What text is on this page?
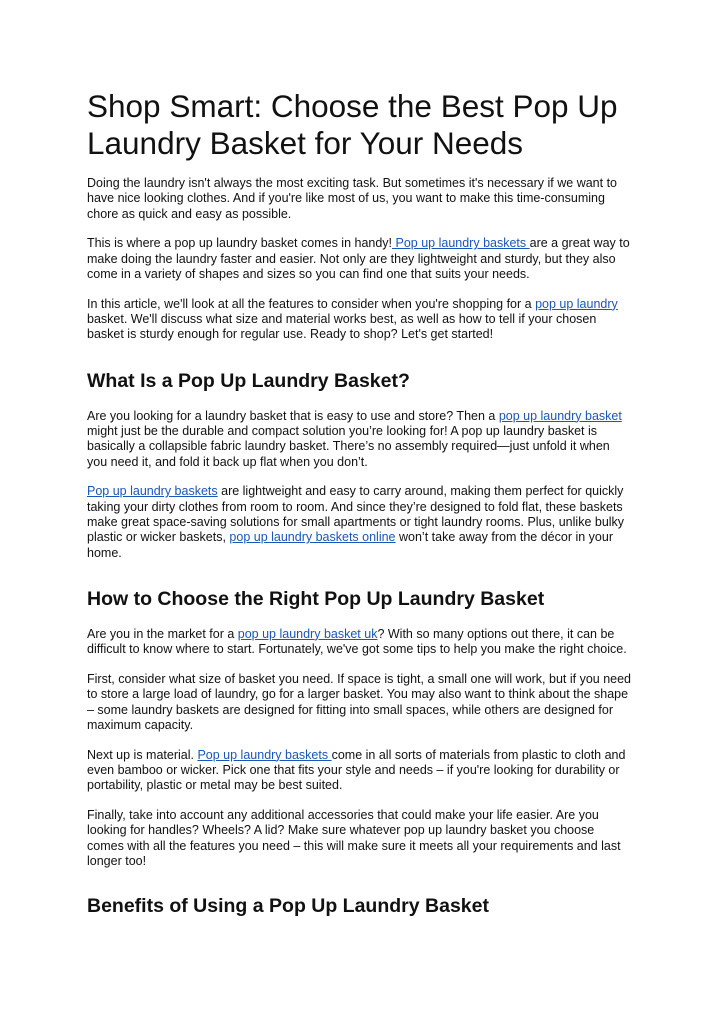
Shop Smart: Choose the Best Pop Up Laundry Basket for Your Needs

Doing the laundry isn't always the most exciting task. But sometimes it's necessary if we want to have nice looking clothes. And if you're like most of us, you want to make this time-consuming chore as quick and easy as possible.

This is where a pop up laundry basket comes in handy! Pop up laundry baskets are a great way to make doing the laundry faster and easier. Not only are they lightweight and sturdy, but they also come in a variety of shapes and sizes so you can find one that suits your needs.

In this article, we'll look at all the features to consider when you're shopping for a pop up laundry basket. We'll discuss what size and material works best, as well as how to tell if your chosen basket is sturdy enough for regular use. Ready to shop? Let's get started!

What Is a Pop Up Laundry Basket?

Are you looking for a laundry basket that is easy to use and store? Then a pop up laundry basket might just be the durable and compact solution you’re looking for! A pop up laundry basket is basically a collapsible fabric laundry basket. There’s no assembly required—just unfold it when you need it, and fold it back up flat when you don’t.

Pop up laundry baskets are lightweight and easy to carry around, making them perfect for quickly taking your dirty clothes from room to room. And since they’re designed to fold flat, these baskets make great space-saving solutions for small apartments or tight laundry rooms. Plus, unlike bulky plastic or wicker baskets, pop up laundry baskets online won’t take away from the décor in your home.

How to Choose the Right Pop Up Laundry Basket

Are you in the market for a pop up laundry basket uk? With so many options out there, it can be difficult to know where to start. Fortunately, we've got some tips to help you make the right choice.

First, consider what size of basket you need. If space is tight, a small one will work, but if you need to store a large load of laundry, go for a larger basket. You may also want to think about the shape – some laundry baskets are designed for fitting into small spaces, while others are designed for maximum capacity.

Next up is material. Pop up laundry baskets come in all sorts of materials from plastic to cloth and even bamboo or wicker. Pick one that fits your style and needs – if you're looking for durability or portability, plastic or metal may be best suited.

Finally, take into account any additional accessories that could make your life easier. Are you looking for handles? Wheels? A lid? Make sure whatever pop up laundry basket you choose comes with all the features you need – this will make sure it meets all your requirements and last longer too!

Benefits of Using a Pop Up Laundry Basket
